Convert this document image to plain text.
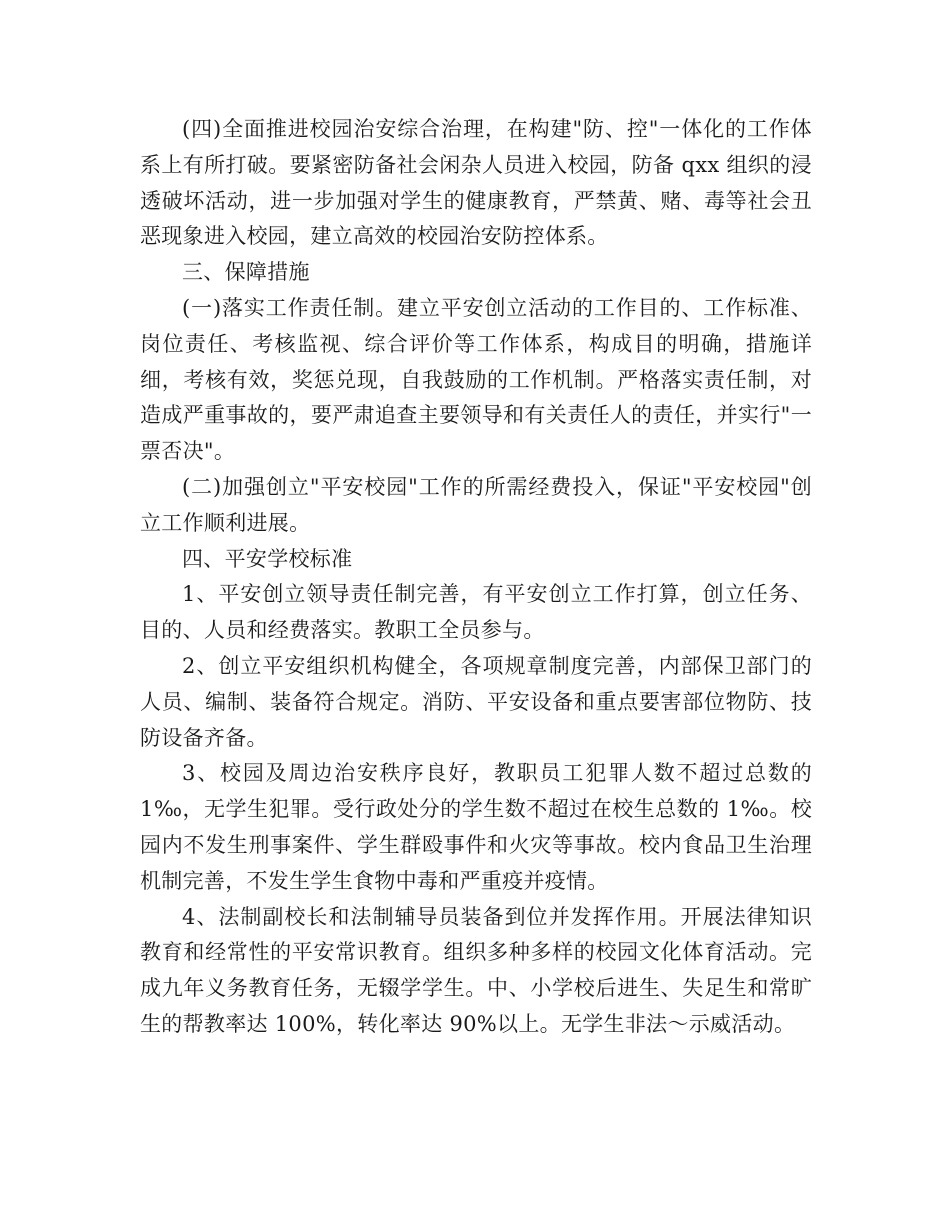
(四)全面推进校园治安综合治理，在构建"防、控"一体化的工作体系上有所打破。要紧密防备社会闲杂人员进入校园，防备 qxx 组织的浸透破坏活动，进一步加强对学生的健康教育，严禁黄、赌、毒等社会丑恶现象进入校园，建立高效的校园治安防控体系。

三、保障措施

(一)落实工作责任制。建立平安创立活动的工作目的、工作标准、岗位责任、考核监视、综合评价等工作体系，构成目的明确，措施详细，考核有效，奖惩兑现，自我鼓励的工作机制。严格落实责任制，对造成严重事故的，要严肃追查主要领导和有关责任人的责任，并实行"一票否决"。

(二)加强创立"平安校园"工作的所需经费投入，保证"平安校园"创立工作顺利进展。

四、平安学校标准

1、平安创立领导责任制完善，有平安创立工作打算，创立任务、目的、人员和经费落实。教职工全员参与。

2、创立平安组织机构健全，各项规章制度完善，内部保卫部门的人员、编制、装备符合规定。消防、平安设备和重点要害部位物防、技防设备齐备。

3、校园及周边治安秩序良好，教职员工犯罪人数不超过总数的1‰，无学生犯罪。受行政处分的学生数不超过在校生总数的 1‰。校园内不发生刑事案件、学生群殴事件和火灾等事故。校内食品卫生治理机制完善，不发生学生食物中毒和严重疫并疫情。

4、法制副校长和法制辅导员装备到位并发挥作用。开展法律知识教育和经常性的平安常识教育。组织多种多样的校园文化体育活动。完成九年义务教育任务，无辍学学生。中、小学校后进生、失足生和常旷生的帮教率达 100%，转化率达 90%以上。无学生非法～示威活动。
